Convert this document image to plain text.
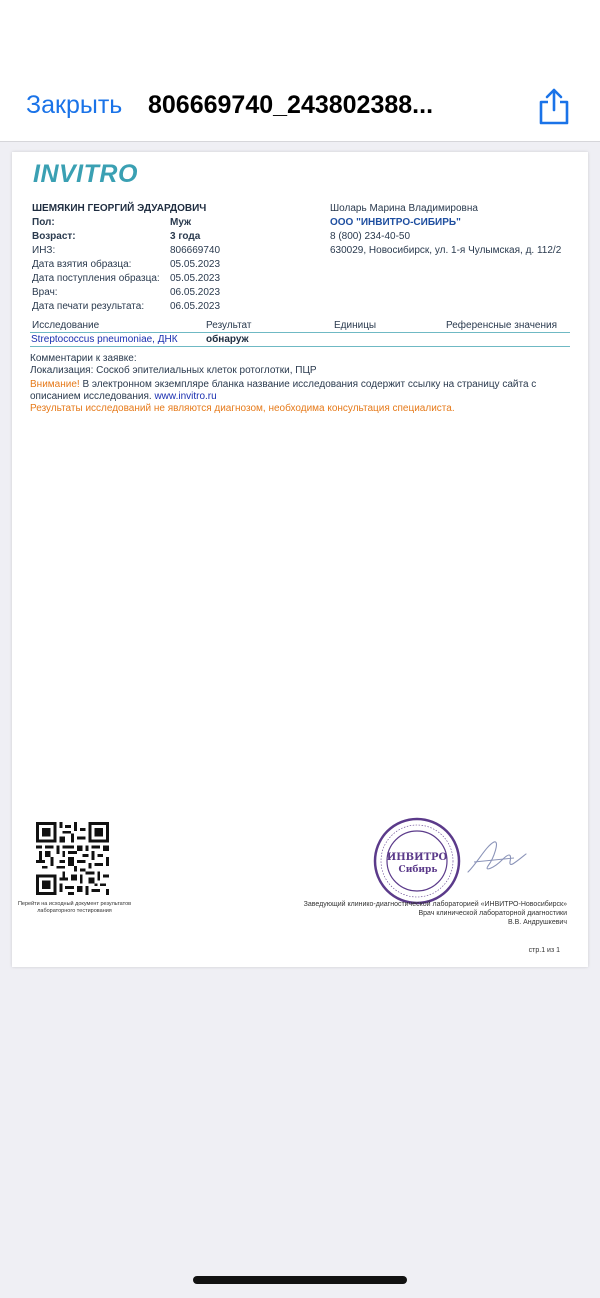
Закрыть 806669740_243802388...
INVITRO
ШЕМЯКИН ГЕОРГИЙ ЭДУАРДОВИЧ
Пол:	Муж
Возраст:	3 года
ИНЗ:	806669740
Дата взятия образца:	05.05.2023
Дата поступления образца: 05.05.2023
Врач:	06.05.2023
Дата печати результата:	06.05.2023
Шоларь Марина Владимировна
ООО "ИНВИТРО-СИБИРЬ"
8 (800) 234-40-50
630029, Новосибирск, ул. 1-я Чулымская, д. 112/2
Исследование	Результат	Единицы	Референсные значения
Streptococcus pneumoniae, ДНК	обнаруж
Комментарии к заявке:
Локализация: Соскоб эпителиальных клеток ротоглотки, ПЦР
Внимание! В электронном экземпляре бланка название исследования содержит ссылку на страницу сайта с описанием исследования. www.invitro.ru
Результаты исследований не являются диагнозом, необходима консультация специалиста.
Перейти на исходный документ результатов лабораторного тестирования
ИНВИТРО
Сибирь
Заведующий клинико-диагностической лабораторией «ИНВИТРО-Новосибирск»
Врач клинической лабораторной диагностики
В.В. Андрушкевич
стр.1 из 1
